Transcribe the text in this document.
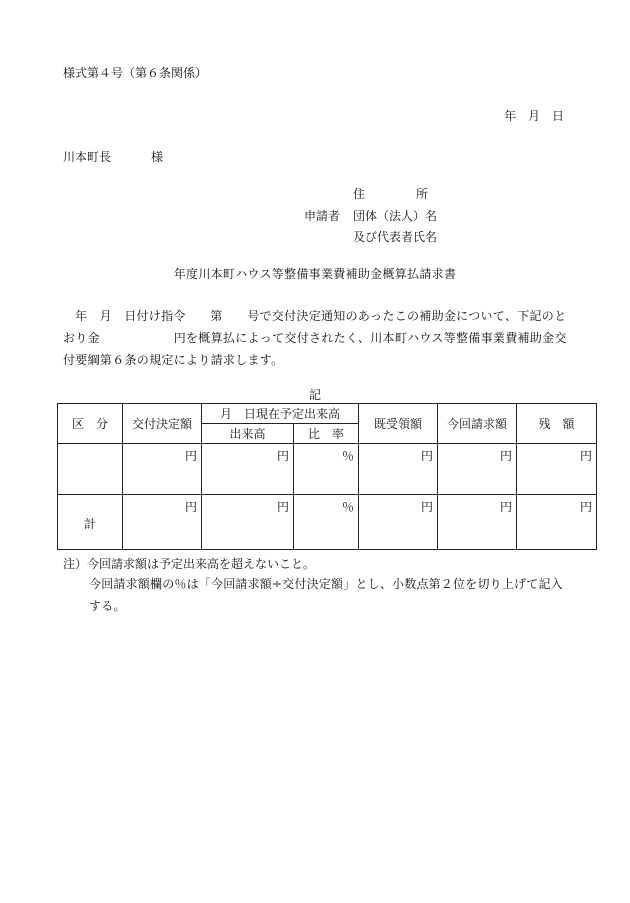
様式第４号（第６条関係）
年　月　日
川本町長	様
住	所
申請者 団体（法人）名
及び代表者氏名
年度川本町ハウス等整備事業費補助金概算払請求書
年　月　日付け指令　　第　　号で交付決定通知のあったこの補助金について、下記のとおり金　　　　　　円を概算払によって交付されたく、川本町ハウス等整備事業費補助金交付要綱第６条の規定により請求します。
記
区　分	交付決定額	月　日現在予定出来高		既受領額	今回請求額	残　額
		出来高	比　率			
	円	円	％	円	円	円
計	円	円	％	円	円	円
注）今回請求額は予定出来高を超えないこと。
今回請求額欄の％は「今回請求額÷交付決定額」とし、小数点第２位を切り上げて記入する。
